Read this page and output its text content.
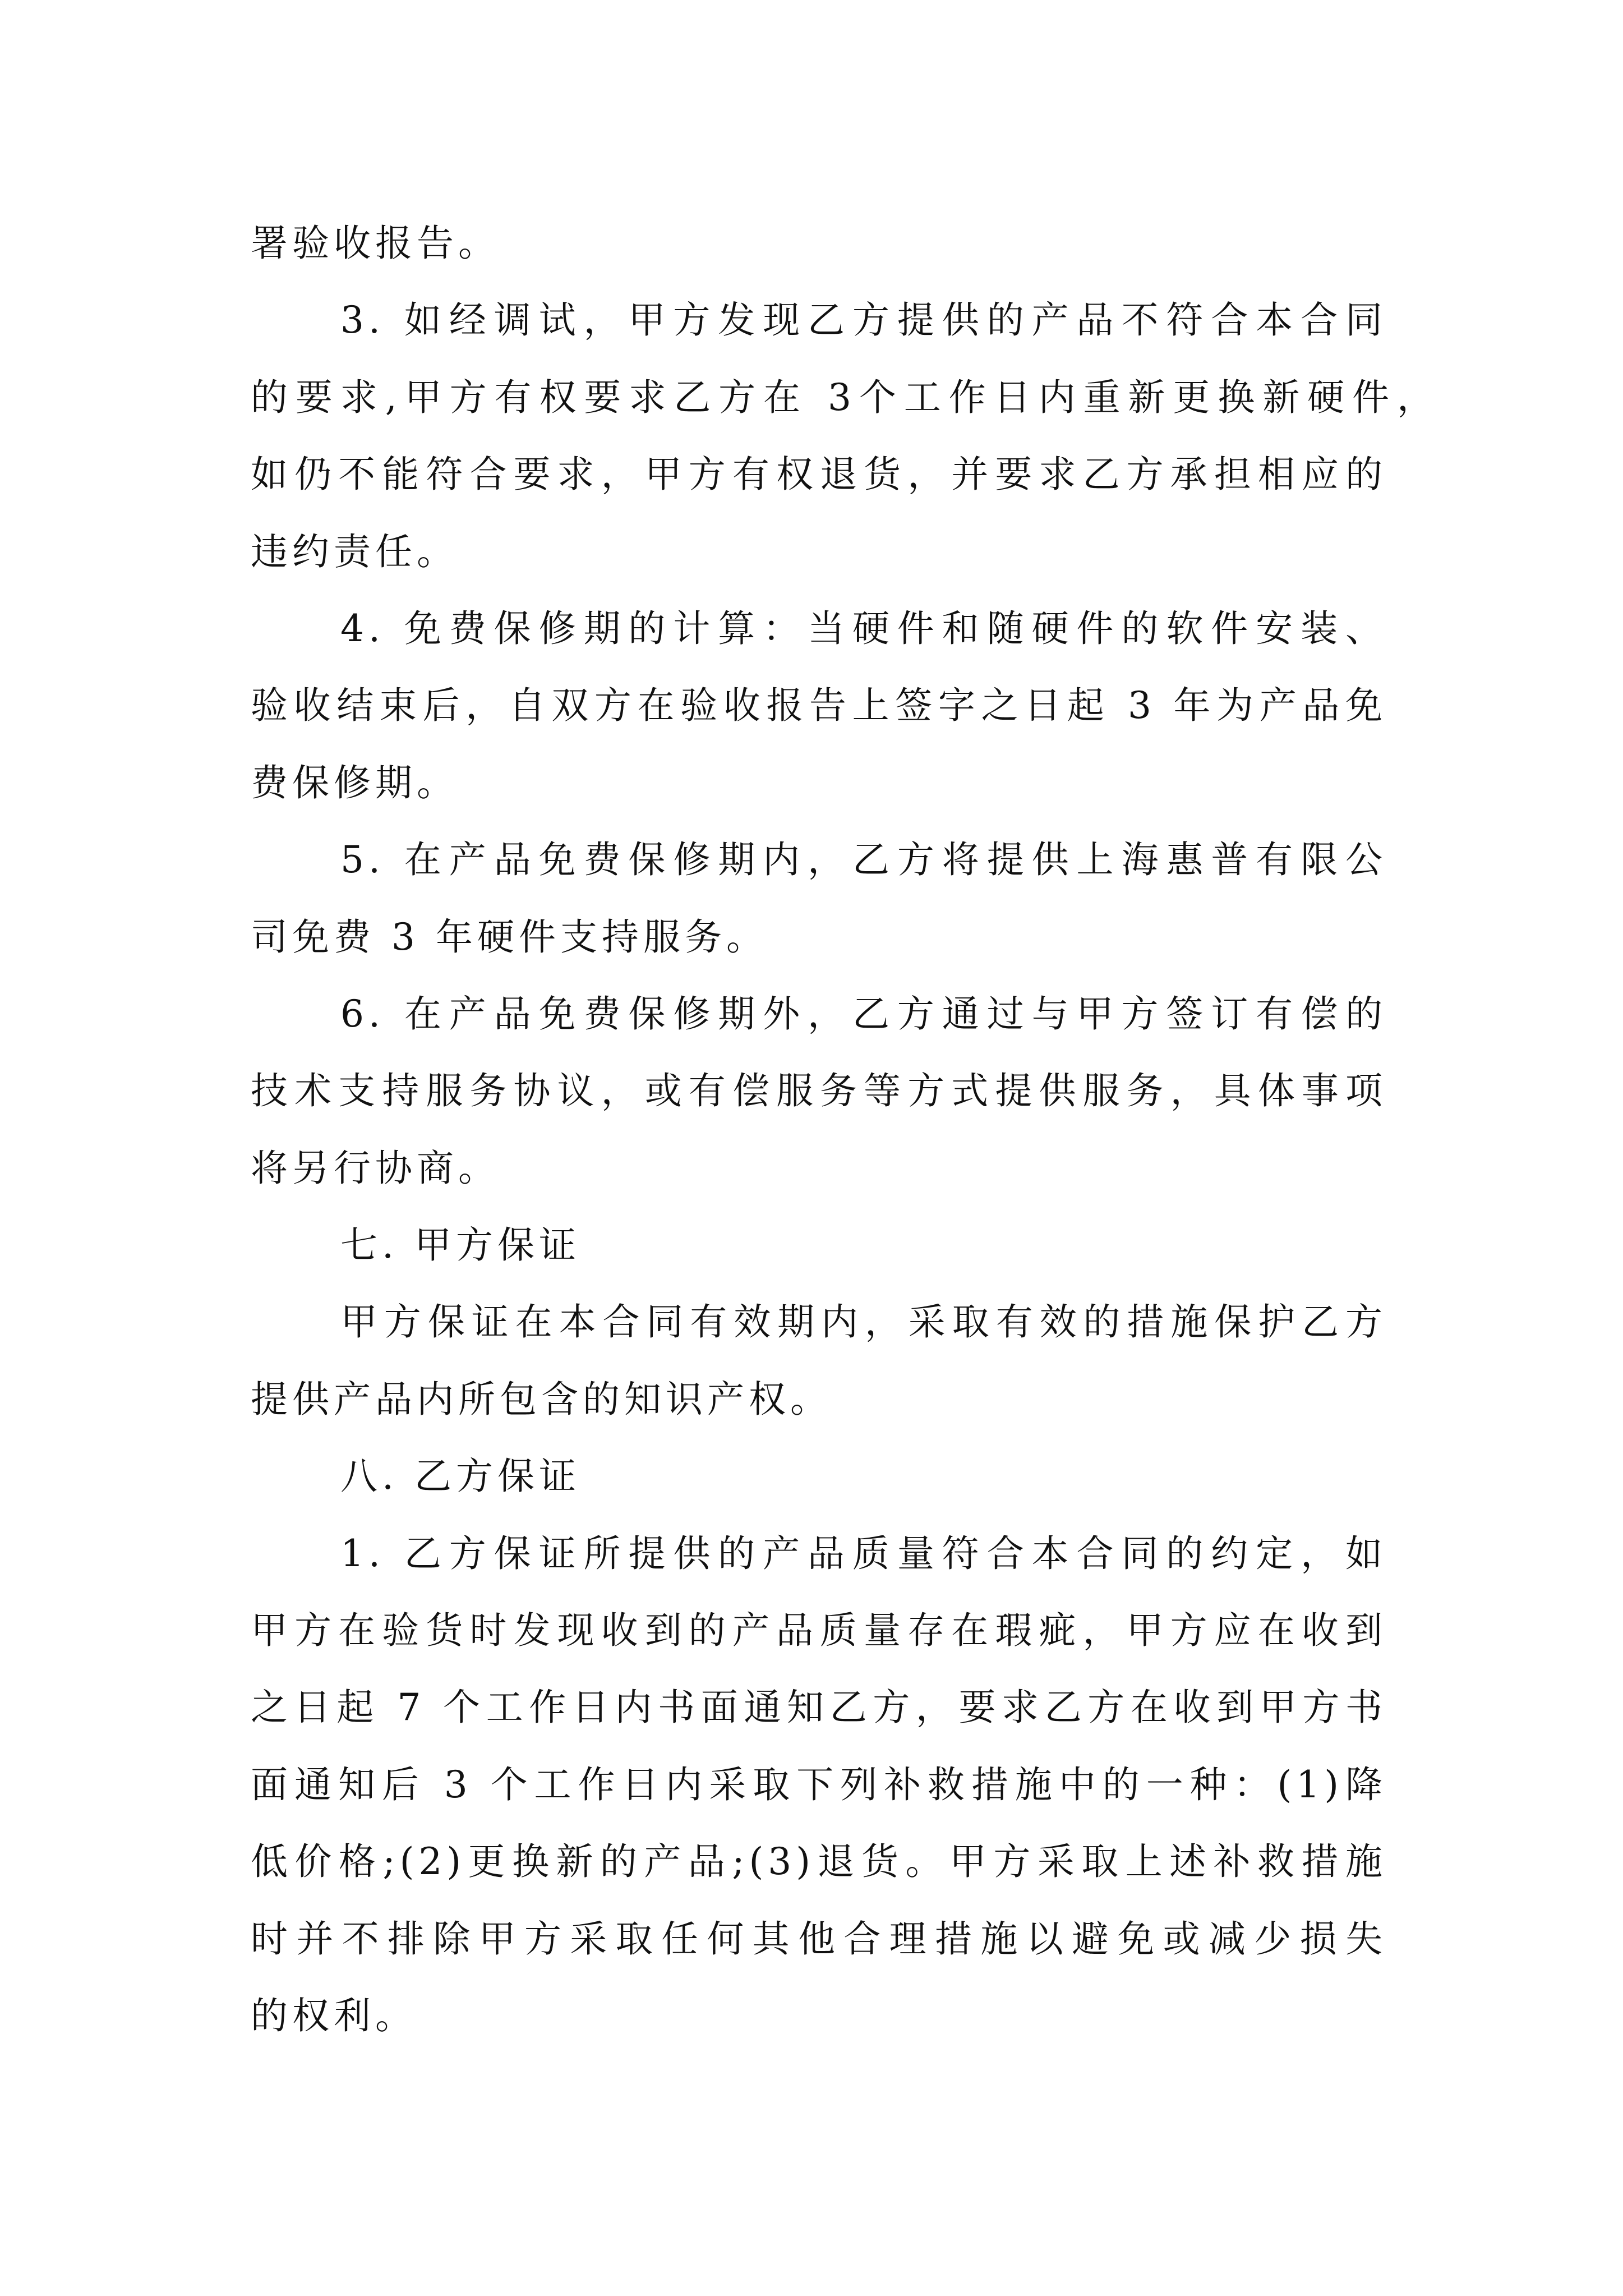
署验收报告。
3. 如经调试，甲方发现乙方提供的产品不符合本合同
的要求,甲方有权要求乙方在 3个工作日内重新更换新硬件，
如仍不能符合要求，甲方有权退货，并要求乙方承担相应的
违约责任。
4. 免费保修期的计算：当硬件和随硬件的软件安装、
验收结束后，自双方在验收报告上签字之日起 3 年为产品免
费保修期。
5. 在产品免费保修期内，乙方将提供上海惠普有限公
司免费 3 年硬件支持服务。
6. 在产品免费保修期外，乙方通过与甲方签订有偿的
技术支持服务协议，或有偿服务等方式提供服务，具体事项
将另行协商。
七. 甲方保证
甲方保证在本合同有效期内，采取有效的措施保护乙方
提供产品内所包含的知识产权。
八. 乙方保证
1. 乙方保证所提供的产品质量符合本合同的约定，如
甲方在验货时发现收到的产品质量存在瑕疵，甲方应在收到
之日起 7 个工作日内书面通知乙方，要求乙方在收到甲方书
面通知后 3 个工作日内采取下列补救措施中的一种：(1)降
低价格;(2)更换新的产品;(3)退货。甲方采取上述补救措施
时并不排除甲方采取任何其他合理措施以避免或减少损失
的权利。
